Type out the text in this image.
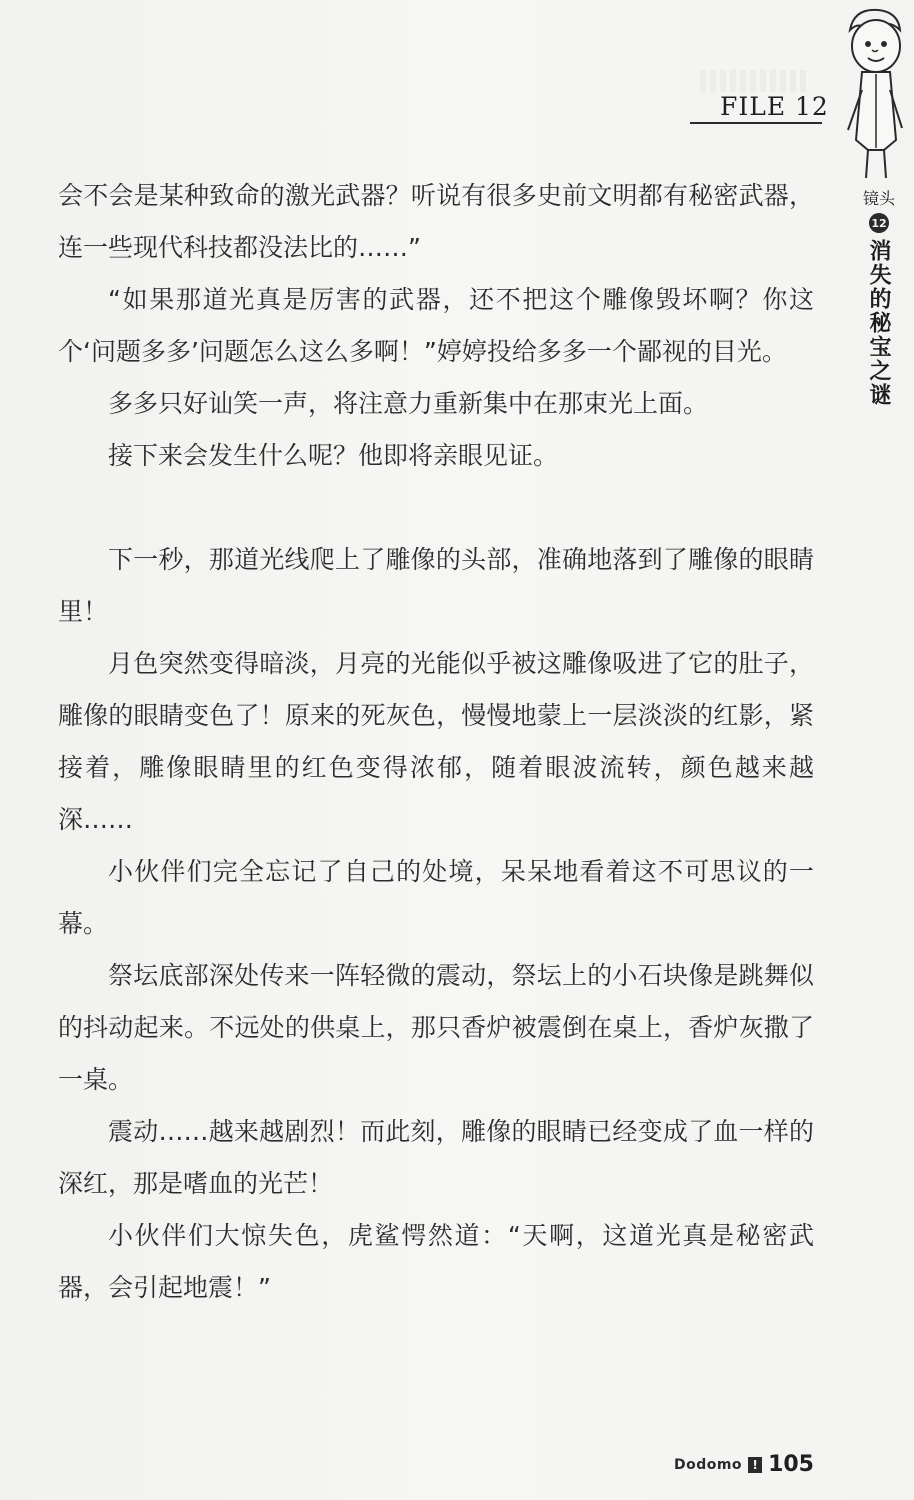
FILE 12
镜头
12
消失的秘宝之谜

会不会是某种致命的激光武器？听说有很多史前文明都有秘密武器，连一些现代科技都没法比的……”

“如果那道光真是厉害的武器，还不把这个雕像毁坏啊？你这个‘问题多多’问题怎么这么多啊！”婷婷投给多多一个鄙视的目光。

多多只好讪笑一声，将注意力重新集中在那束光上面。

接下来会发生什么呢？他即将亲眼见证。

下一秒，那道光线爬上了雕像的头部，准确地落到了雕像的眼睛里！

月色突然变得暗淡，月亮的光能似乎被这雕像吸进了它的肚子，雕像的眼睛变色了！原来的死灰色，慢慢地蒙上一层淡淡的红影，紧接着，雕像眼睛里的红色变得浓郁，随着眼波流转，颜色越来越深……

小伙伴们完全忘记了自己的处境，呆呆地看着这不可思议的一幕。

祭坛底部深处传来一阵轻微的震动，祭坛上的小石块像是跳舞似的抖动起来。不远处的供桌上，那只香炉被震倒在桌上，香炉灰撒了一桌。

震动……越来越剧烈！而此刻，雕像的眼睛已经变成了血一样的深红，那是嗜血的光芒！

小伙伴们大惊失色，虎鲨愕然道：“天啊，这道光真是秘密武器，会引起地震！”

Dodomo ! 105
